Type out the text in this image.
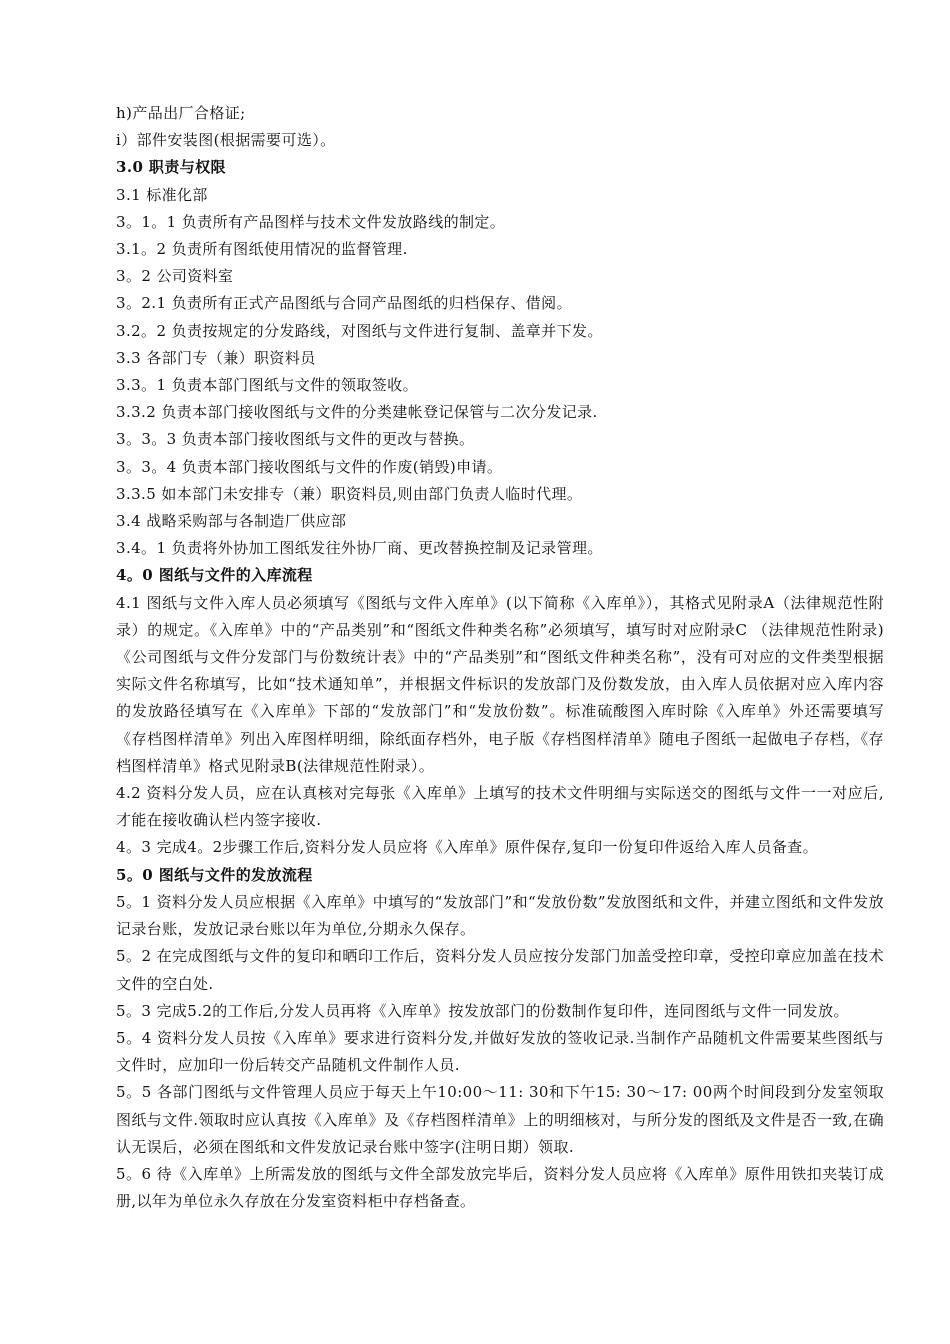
h)产品出厂合格证;
i）部件安装图(根据需要可选）。
3.0 职责与权限
3.1 标准化部
3。1。1 负责所有产品图样与技术文件发放路线的制定。
3.1。2 负责所有图纸使用情况的监督管理.
3。2 公司资料室
3。2.1 负责所有正式产品图纸与合同产品图纸的归档保存、借阅。
3.2。2 负责按规定的分发路线，对图纸与文件进行复制、盖章并下发。
3.3 各部门专（兼）职资料员
3.3。1 负责本部门图纸与文件的领取签收。
3.3.2 负责本部门接收图纸与文件的分类建帐登记保管与二次分发记录.
3。3。3 负责本部门接收图纸与文件的更改与替换。
3。3。4 负责本部门接收图纸与文件的作废(销毁)申请。
3.3.5 如本部门未安排专（兼）职资料员,则由部门负责人临时代理。
3.4 战略采购部与各制造厂供应部
3.4。1 负责将外协加工图纸发往外协厂商、更改替换控制及记录管理。
4。0 图纸与文件的入库流程
4.1 图纸与文件入库人员必须填写《图纸与文件入库单》(以下简称《入库单》），其格式见附录A（法律规范性附录）的规定。《入库单》中的“产品类别”和“图纸文件种类名称”必须填写，填写时对应附录C （法律规范性附录)《公司图纸与文件分发部门与份数统计表》中的“产品类别”和“图纸文件种类名称”，没有可对应的文件类型根据实际文件名称填写，比如“技术通知单”，并根据文件标识的发放部门及份数发放，由入库人员依据对应入库内容的发放路径填写在《入库单》下部的“发放部门”和“发放份数”。标准硫酸图入库时除《入库单》外还需要填写《存档图样清单》列出入库图样明细，除纸面存档外，电子版《存档图样清单》随电子图纸一起做电子存档，《存档图样清单》格式见附录B(法律规范性附录）。
4.2 资料分发人员，应在认真核对完每张《入库单》上填写的技术文件明细与实际送交的图纸与文件一一对应后,才能在接收确认栏内签字接收.
4。3 完成4。2步骤工作后,资料分发人员应将《入库单》原件保存,复印一份复印件返给入库人员备查。
5。0 图纸与文件的发放流程
5。1 资料分发人员应根据《入库单》中填写的“发放部门”和“发放份数”发放图纸和文件，并建立图纸和文件发放记录台账，发放记录台账以年为单位,分期永久保存。
5。2 在完成图纸与文件的复印和晒印工作后，资料分发人员应按分发部门加盖受控印章，受控印章应加盖在技术文件的空白处.
5。3 完成5.2的工作后,分发人员再将《入库单》按发放部门的份数制作复印件，连同图纸与文件一同发放。
5。4 资料分发人员按《入库单》要求进行资料分发,并做好发放的签收记录.当制作产品随机文件需要某些图纸与文件时，应加印一份后转交产品随机文件制作人员.
5。5 各部门图纸与文件管理人员应于每天上午10:00～11: 30和下午15: 30～17: 00两个时间段到分发室领取图纸与文件.领取时应认真按《入库单》及《存档图样清单》上的明细核对，与所分发的图纸及文件是否一致,在确认无误后，必须在图纸和文件发放记录台账中签字(注明日期）领取.
5。6 待《入库单》上所需发放的图纸与文件全部发放完毕后，资料分发人员应将《入库单》原件用铁扣夹装订成册,以年为单位永久存放在分发室资料柜中存档备查。
